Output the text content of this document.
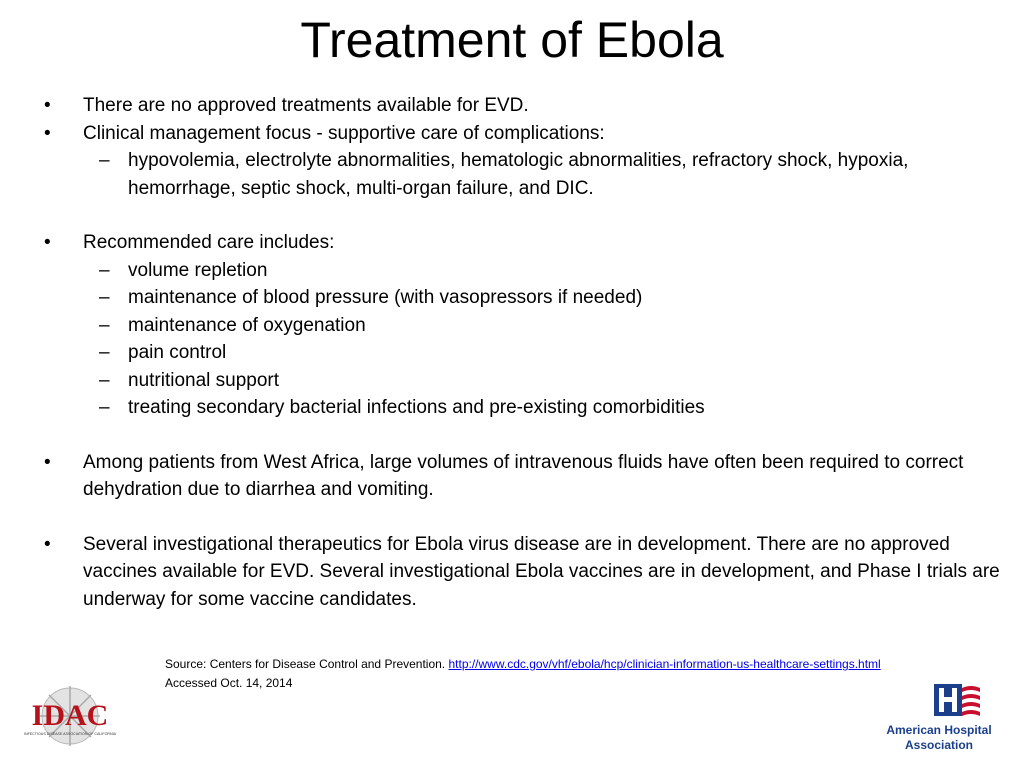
Treatment of Ebola
• There are no approved treatments available for EVD.
• Clinical management focus - supportive care of complications:
– hypovolemia, electrolyte abnormalities, hematologic abnormalities, refractory shock, hypoxia, hemorrhage, septic shock, multi-organ failure, and DIC.
• Recommended care includes:
– volume repletion
– maintenance of blood pressure (with vasopressors if needed)
– maintenance of oxygenation
– pain control
– nutritional support
– treating secondary bacterial infections and pre-existing comorbidities
• Among patients from West Africa, large volumes of intravenous fluids have often been required to correct dehydration due to diarrhea and vomiting.
• Several investigational therapeutics for Ebola virus disease are in development. There are no approved vaccines available for EVD. Several investigational Ebola vaccines are in development, and Phase I trials are underway for some vaccine candidates.
Source: Centers for Disease Control and Prevention. http://www.cdc.gov/vhf/ebola/hcp/clinician-information-us-healthcare-settings.html Accessed Oct. 14, 2014
IDAC
INFECTIOUS DISEASE ASSOCIATION OF CALIFORNIA	American Hospital
Association
